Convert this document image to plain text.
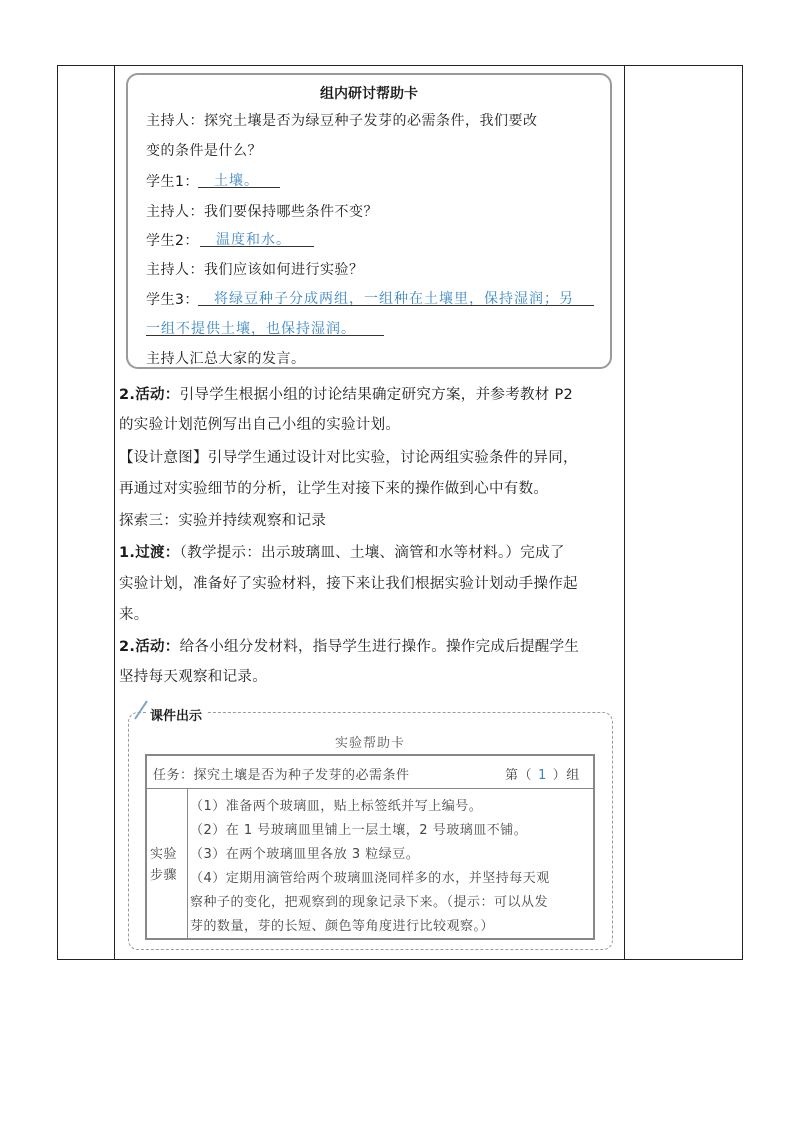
组内研讨帮助卡
主持人：探究土壤是否为绿豆种子发芽的必需条件，我们要改
变的条件是什么？
学生1： 土壤。
主持人：我们要保持哪些条件不变？
学生2： 温度和水。
主持人：我们应该如何进行实验？
学生3： 将绿豆种子分成两组，一组种在土壤里，保持湿润；另
一组不提供土壤，也保持湿润。
主持人汇总大家的发言。
2.活动：引导学生根据小组的讨论结果确定研究方案，并参考教材 P2
的实验计划范例写出自己小组的实验计划。
【设计意图】引导学生通过设计对比实验，讨论两组实验条件的异同，
再通过对实验细节的分析，让学生对接下来的操作做到心中有数。
探索三：实验并持续观察和记录
1.过渡：（教学提示：出示玻璃皿、土壤、滴管和水等材料。）完成了
实验计划，准备好了实验材料，接下来让我们根据实验计划动手操作起
来。
2.活动：给各小组分发材料，指导学生进行操作。操作完成后提醒学生
坚持每天观察和记录。
课件出示
实验帮助卡
任务：探究土壤是否为种子发芽的必需条件	第（ 1 ）组
实验
步骤
（1）准备两个玻璃皿，贴上标签纸并写上编号。
（2）在 1 号玻璃皿里铺上一层土壤，2 号玻璃皿不铺。
（3）在两个玻璃皿里各放 3 粒绿豆。
（4）定期用滴管给两个玻璃皿浇同样多的水，并坚持每天观
察种子的变化，把观察到的现象记录下来。（提示：可以从发
芽的数量，芽的长短、颜色等角度进行比较观察。）
